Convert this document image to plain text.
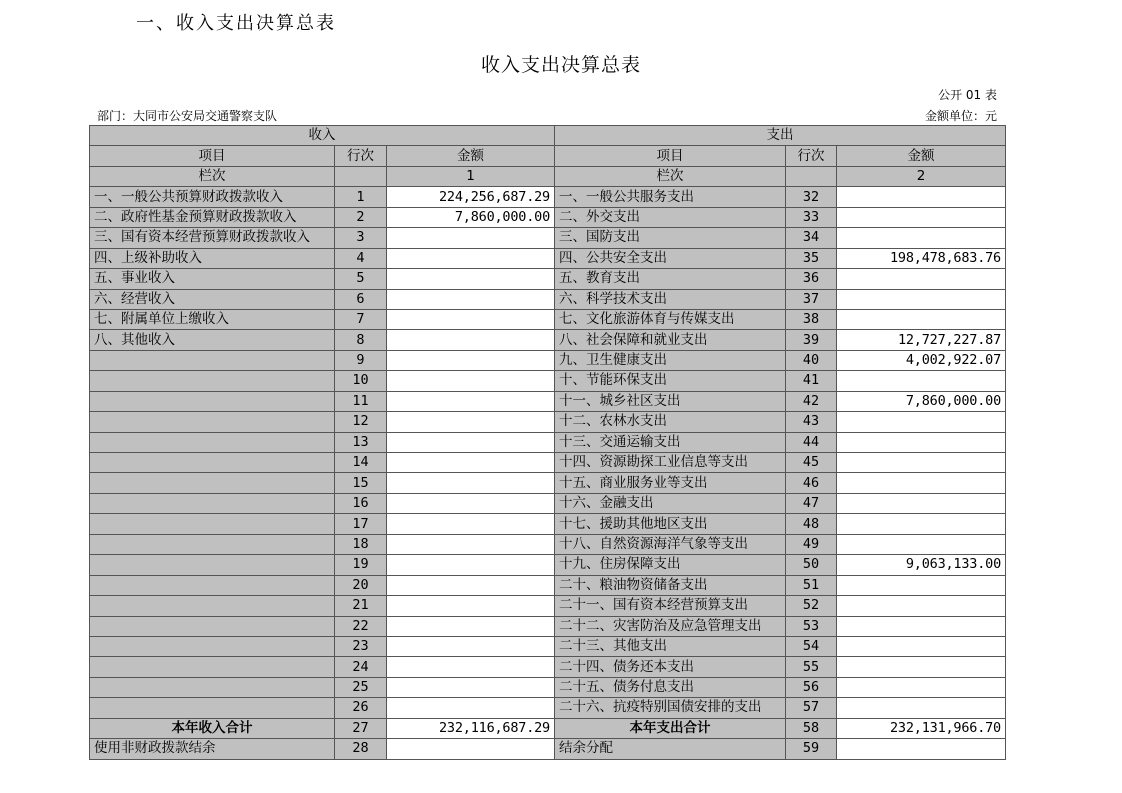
一、收入支出决算总表
收入支出决算总表
公开 01 表
部门：大同市公安局交通警察支队	金额单位：元
收入			支出		
项目	行次	金额	项目	行次	金额
栏次		1	栏次		2
一、一般公共预算财政拨款收入	1	224,256,687.29	一、一般公共服务支出	32	
二、政府性基金预算财政拨款收入	2	7,860,000.00	二、外交支出	33	
三、国有资本经营预算财政拨款收入	3		三、国防支出	34	
四、上级补助收入	4		四、公共安全支出	35	198,478,683.76
五、事业收入	5		五、教育支出	36	
六、经营收入	6		六、科学技术支出	37	
七、附属单位上缴收入	7		七、文化旅游体育与传媒支出	38	
八、其他收入	8		八、社会保障和就业支出	39	12,727,227.87
	9		九、卫生健康支出	40	4,002,922.07
	10		十、节能环保支出	41	
	11		十一、城乡社区支出	42	7,860,000.00
	12		十二、农林水支出	43	
	13		十三、交通运输支出	44	
	14		十四、资源勘探工业信息等支出	45	
	15		十五、商业服务业等支出	46	
	16		十六、金融支出	47	
	17		十七、援助其他地区支出	48	
	18		十八、自然资源海洋气象等支出	49	
	19		十九、住房保障支出	50	9,063,133.00
	20		二十、粮油物资储备支出	51	
	21		二十一、国有资本经营预算支出	52	
	22		二十二、灾害防治及应急管理支出	53	
	23		二十三、其他支出	54	
	24		二十四、债务还本支出	55	
	25		二十五、债务付息支出	56	
	26		二十六、抗疫特别国债安排的支出	57	
本年收入合计	27	232,116,687.29	本年支出合计	58	232,131,966.70
使用非财政拨款结余	28		结余分配	59	
